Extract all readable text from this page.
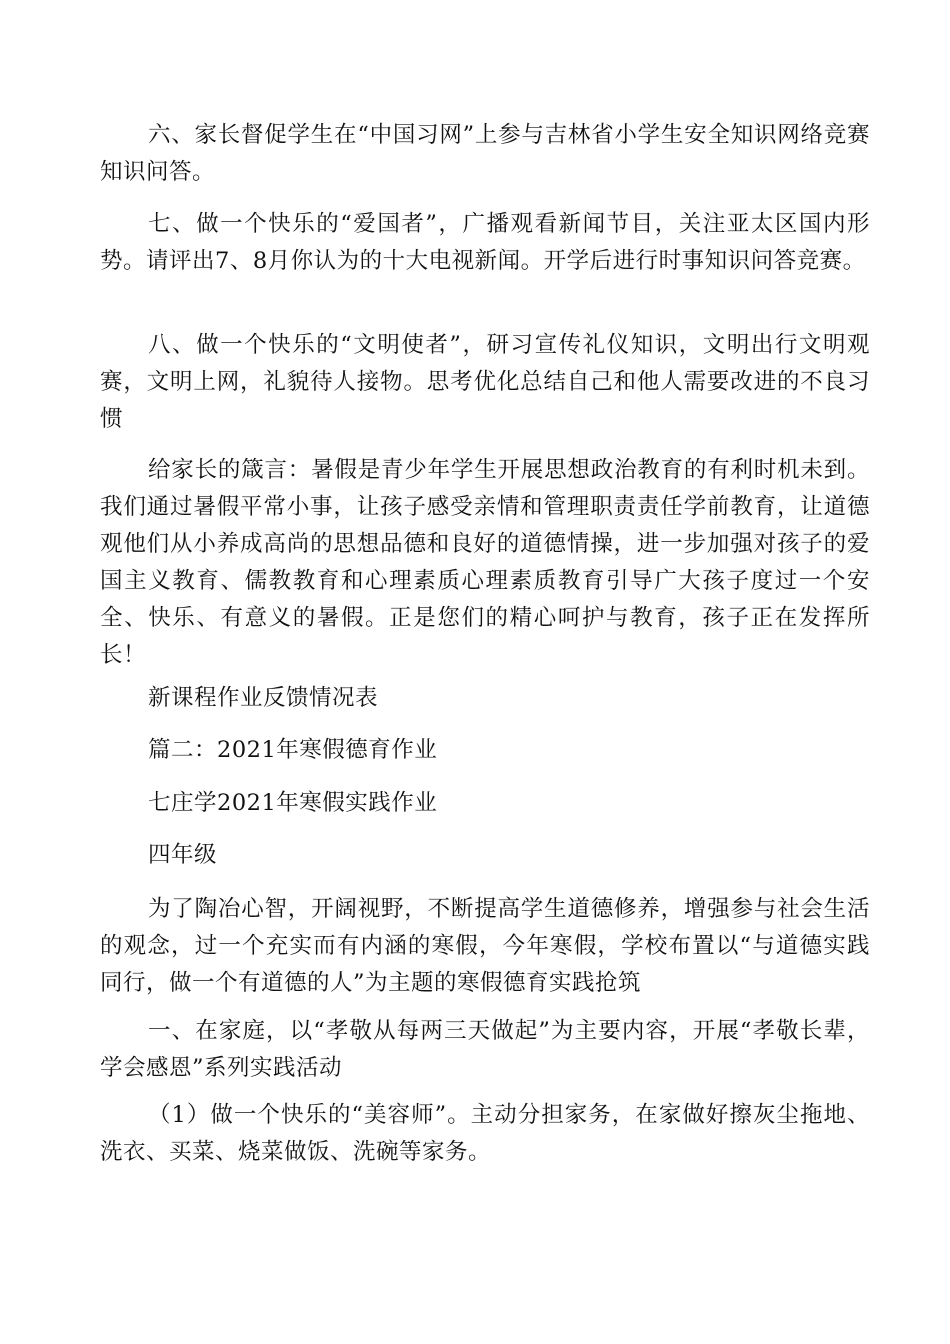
六、家长督促学生在“中国习网”上参与吉林省小学生安全知识网络竞赛知识问答。

七、做一个快乐的“爱国者”，广播观看新闻节目，关注亚太区国内形势。请评出7、8月你认为的十大电视新闻。开学后进行时事知识问答竞赛。

八、做一个快乐的“文明使者”，研习宣传礼仪知识，文明出行文明观赛，文明上网，礼貌待人接物。思考优化总结自己和他人需要改进的不良习惯

给家长的箴言：暑假是青少年学生开展思想政治教育的有利时机未到。我们通过暑假平常小事，让孩子感受亲情和管理职责责任学前教育，让道德观他们从小养成高尚的思想品德和良好的道德情操，进一步加强对孩子的爱国主义教育、儒教教育和心理素质心理素质教育引导广大孩子度过一个安全、快乐、有意义的暑假。正是您们的精心呵护与教育，孩子正在发挥所长！

新课程作业反馈情况表

篇二：2021年寒假德育作业

七庄学2021年寒假实践作业

四年级

为了陶冶心智，开阔视野，不断提高学生道德修养，增强参与社会生活的观念，过一个充实而有内涵的寒假，今年寒假，学校布置以“与道德实践同行，做一个有道德的人”为主题的寒假德育实践抢筑

一、在家庭，以“孝敬从每两三天做起”为主要内容，开展“孝敬长辈，学会感恩”系列实践活动

（1）做一个快乐的“美容师”。主动分担家务，在家做好擦灰尘拖地、洗衣、买菜、烧菜做饭、洗碗等家务。
